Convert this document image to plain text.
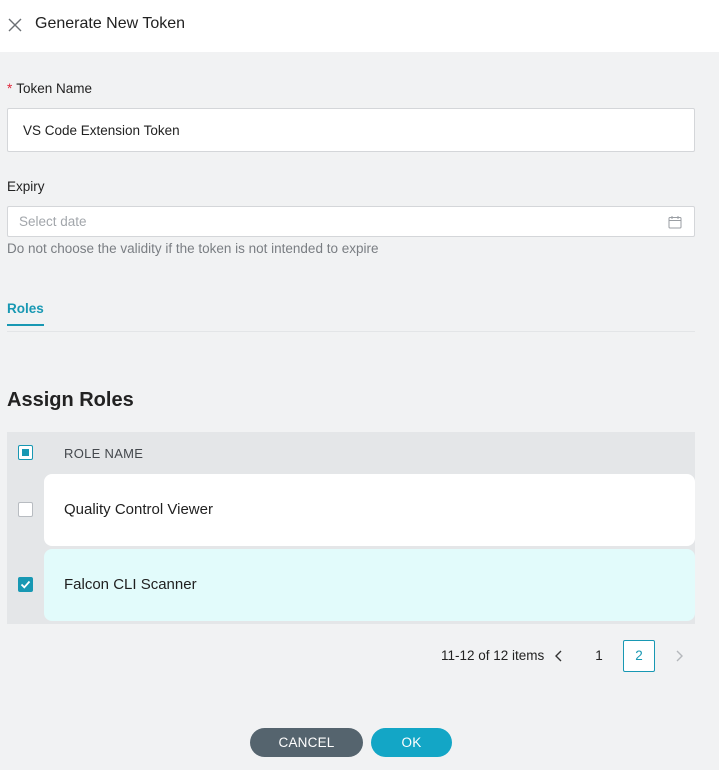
Generate New Token
* Token Name
VS Code Extension Token
Expiry
Select date
Do not choose the validity if the token is not intended to expire
Roles
Assign Roles
ROLE NAME
Quality Control Viewer
Falcon CLI Scanner
11-12 of 12 items	1	2
CANCEL	OK
